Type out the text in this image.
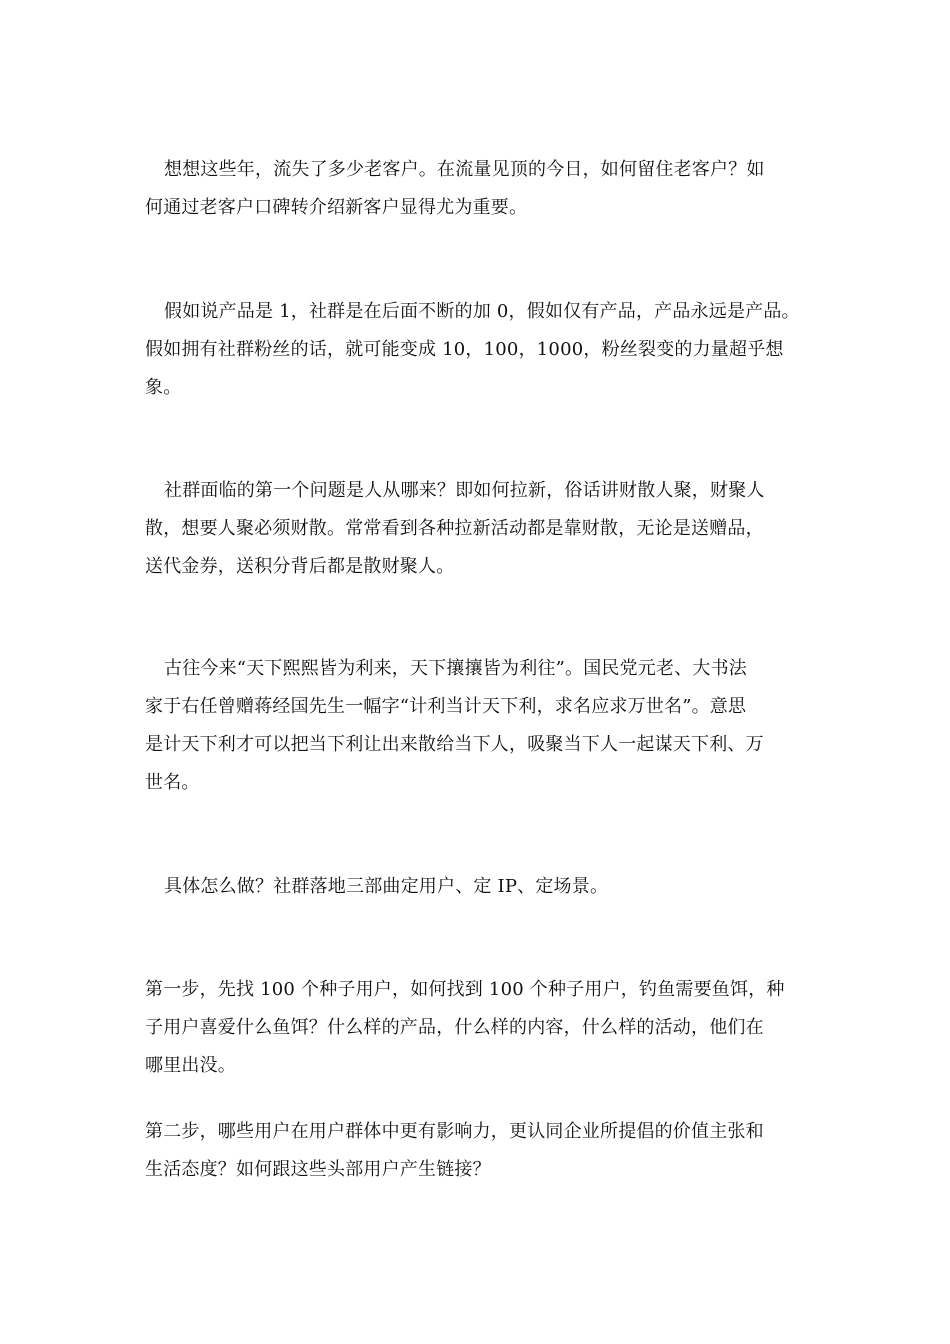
想想这些年，流失了多少老客户。在流量见顶的今日，如何留住老客户？如
何通过老客户口碑转介绍新客户显得尤为重要。
假如说产品是 1，社群是在后面不断的加 0，假如仅有产品，产品永远是产品。
假如拥有社群粉丝的话，就可能变成 10，100，1000，粉丝裂变的力量超乎想
象。
社群面临的第一个问题是人从哪来？即如何拉新，俗话讲财散人聚，财聚人
散，想要人聚必须财散。常常看到各种拉新活动都是靠财散，无论是送赠品，
送代金券，送积分背后都是散财聚人。
古往今来“天下熙熙皆为利来，天下攘攘皆为利往”。国民党元老、大书法
家于右任曾赠蒋经国先生一幅字“计利当计天下利，求名应求万世名”。意思
是计天下利才可以把当下利让出来散给当下人，吸聚当下人一起谋天下利、万
世名。
具体怎么做？社群落地三部曲定用户、定 IP、定场景。
第一步，先找 100 个种子用户，如何找到 100 个种子用户，钓鱼需要鱼饵，种
子用户喜爱什么鱼饵？什么样的产品，什么样的内容，什么样的活动，他们在
哪里出没。
第二步，哪些用户在用户群体中更有影响力，更认同企业所提倡的价值主张和
生活态度？如何跟这些头部用户产生链接？
